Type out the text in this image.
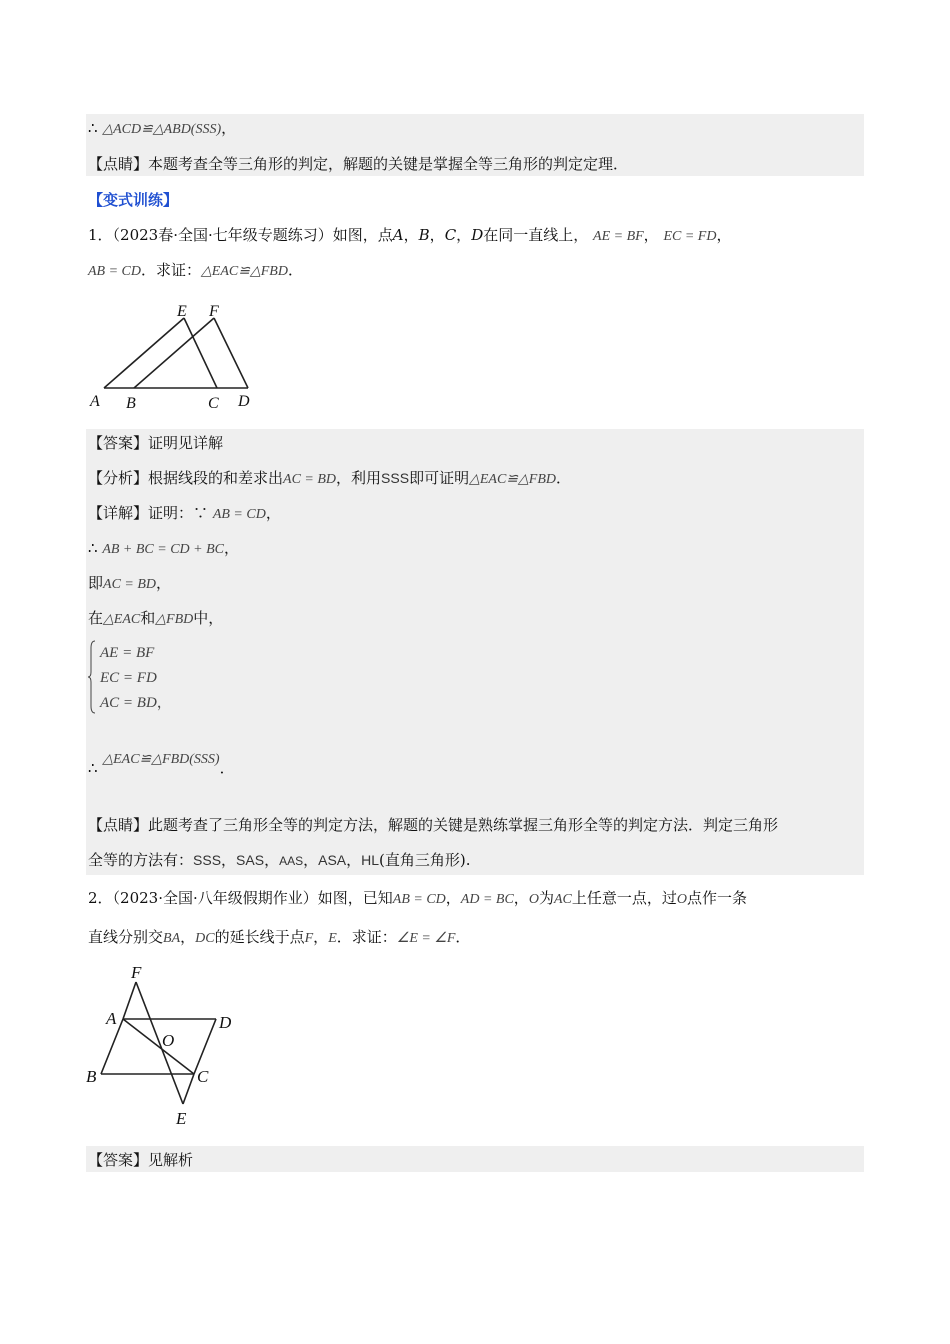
∴ △ACD≌△ABD(SSS)，
【点睛】本题考查全等三角形的判定，解题的关键是掌握全等三角形的判定定理．
【变式训练】
1．（2023春·全国·七年级专题练习）如图，点A，B，C，D在同一直线上， AE = BF， EC = FD，
AB = CD．求证：△EAC≌△FBD．
A B	C D
E F
【答案】证明见详解
【分析】根据线段的和差求出AC = BD，利用SSS即可证明△EAC≌△FBD．
【详解】证明：∵ AB = CD，
∴ AB + BC = CD + BC，
即AC = BD，
在△EAC和△FBD中，
AE = BF
EC = FD
AC = BD，
∴ △EAC≌△FBD(SSS)．
【点睛】此题考查了三角形全等的判定方法，解题的关键是熟练掌握三角形全等的判定方法．判定三角形
全等的方法有：SSS，SAS，AAS，ASA，HL(直角三角形).
2．（2023·全国·八年级假期作业）如图，已知AB = CD，AD = BC，O为AC上任意一点，过O点作一条
直线分别交BA，DC的延长线于点F，E．求证：∠E = ∠F．
F
A	D
O
B	C
E
【答案】见解析
